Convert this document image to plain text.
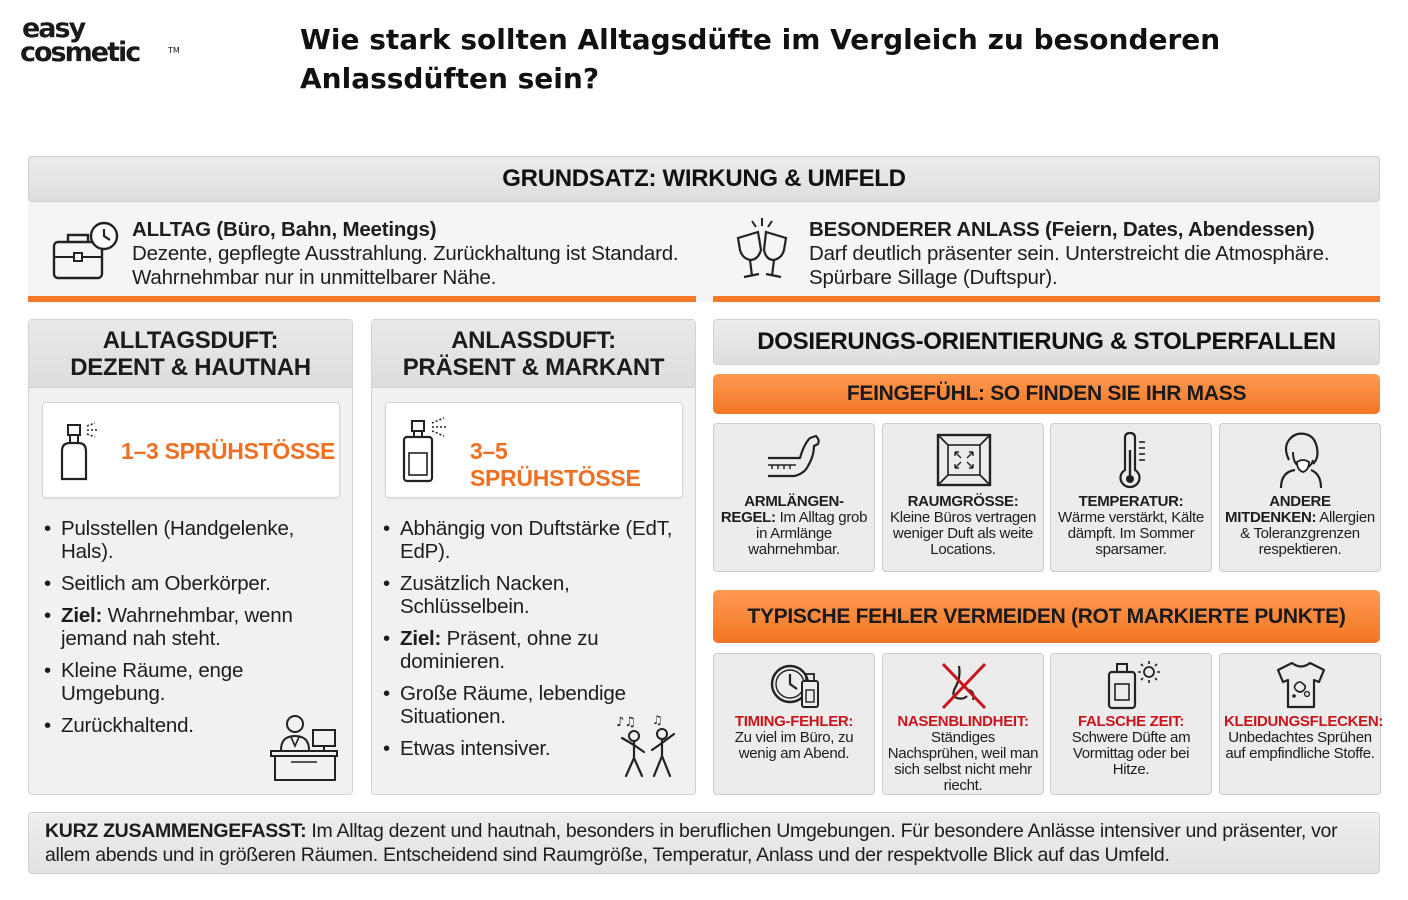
easy
cosmetic	TM	Wie stark sollten Alltagsdüfte im Vergleich zu besonderen Anlassdüften sein?
GRUNDSATZ: WIRKUNG & UMFELD
ALLTAG (Büro, Bahn, Meetings)
Dezente, gepflegte Ausstrahlung. Zurückhaltung ist Standard.
Wahrnehmbar nur in unmittelbarer Nähe.
BESONDERER ANLASS (Feiern, Dates, Abendessen)
Darf deutlich präsenter sein. Unterstreicht die Atmosphäre.
Spürbare Sillage (Duftspur).
ALLTAGSDUFT:
DEZENT & HAUTNAH
1–3 SPRÜHSTÖSSE
• Pulsstellen (Handgelenke, Hals).
• Seitlich am Oberkörper.
• Ziel: Wahrnehmbar, wenn jemand nah steht.
• Kleine Räume, enge Umgebung.
• Zurückhaltend.
ANLASSDUFT:
PRÄSENT & MARKANT
3–5 SPRÜHSTÖSSE
• Abhängig von Duftstärke (EdT, EdP).
• Zusätzlich Nacken, Schlüsselbein.
• Ziel: Präsent, ohne zu dominieren.
• Große Räume, lebendige Situationen.
• Etwas intensiver.
♪♫ ♫
DOSIERUNGS-ORIENTIERUNG & STOLPERFALLEN
FEINGEFÜHL: SO FINDEN SIE IHR MASS
ARMLÄNGEN-REGEL: Im Alltag grob in Armlänge wahrnehmbar.
RAUMGRÖSSE: Kleine Büros vertragen weniger Duft als weite Locations.
TEMPERATUR: Wärme verstärkt, Kälte dämpft. Im Sommer sparsamer.
ANDERE MITDENKEN: Allergien & Toleranzgrenzen respektieren.
TYPISCHE FEHLER VERMEIDEN (ROT MARKIERTE PUNKTE)
TIMING-FEHLER:
Zu viel im Büro, zu wenig am Abend.
NASENBLINDHEIT:
Ständiges Nachsprühen, weil man sich selbst nicht mehr riecht.
FALSCHE ZEIT:
Schwere Düfte am Vormittag oder bei Hitze.
KLEIDUNGSFLECKEN:
Unbedachtes Sprühen auf empfindliche Stoffe.
KURZ ZUSAMMENGEFASST: Im Alltag dezent und hautnah, besonders in beruflichen Umgebungen. Für besondere Anlässe intensiver und präsenter, vor allem abends und in größeren Räumen. Entscheidend sind Raumgröße, Temperatur, Anlass und der respektvolle Blick auf das Umfeld.
